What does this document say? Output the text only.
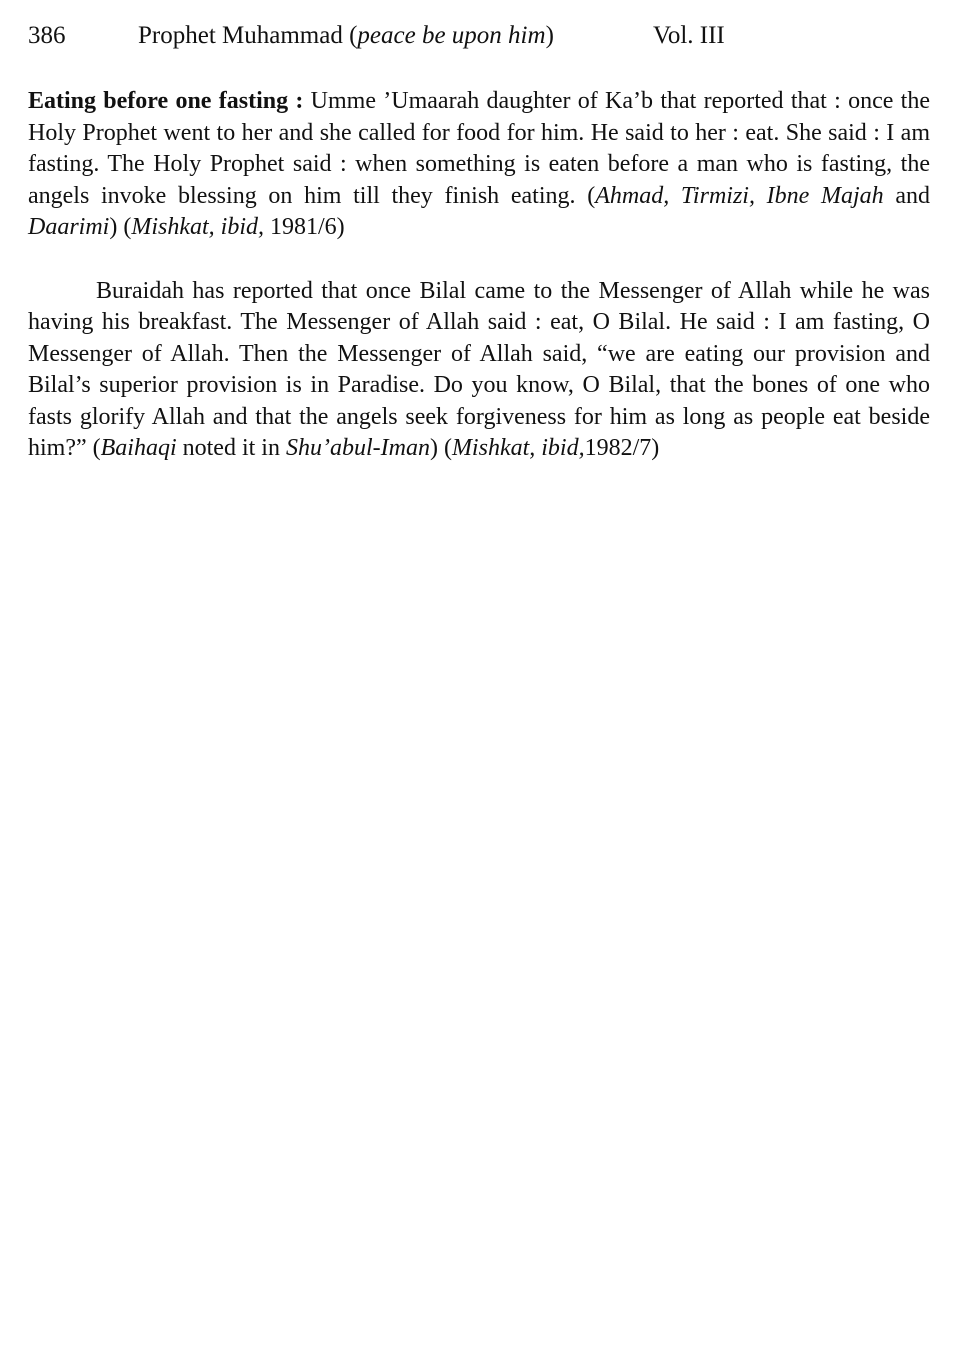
386	Prophet Muhammad (peace be upon him)	Vol. III

Eating before one fasting : Umme ’Umaarah daughter of Ka’b that reported that : once the Holy Prophet went to her and she called for food for him. He said to her : eat. She said : I am fasting. The Holy Prophet said : when something is eaten before a man who is fasting, the angels invoke blessing on him till they finish eating. (Ahmad, Tirmizi, Ibne Majah and Daarimi) (Mishkat, ibid, 1981/6)

Buraidah has reported that once Bilal came to the Messenger of Allah while he was having his breakfast. The Messenger of Allah said : eat, O Bilal. He said : I am fasting, O Messenger of Allah. Then the Messenger of Allah said, “we are eating our provision and Bilal’s superior provision is in Paradise. Do you know, O Bilal, that the bones of one who fasts glorify Allah and that the angels seek forgiveness for him as long as people eat beside him?” (Baihaqi noted it in Shu’abul-Iman) (Mishkat, ibid,1982/7)
